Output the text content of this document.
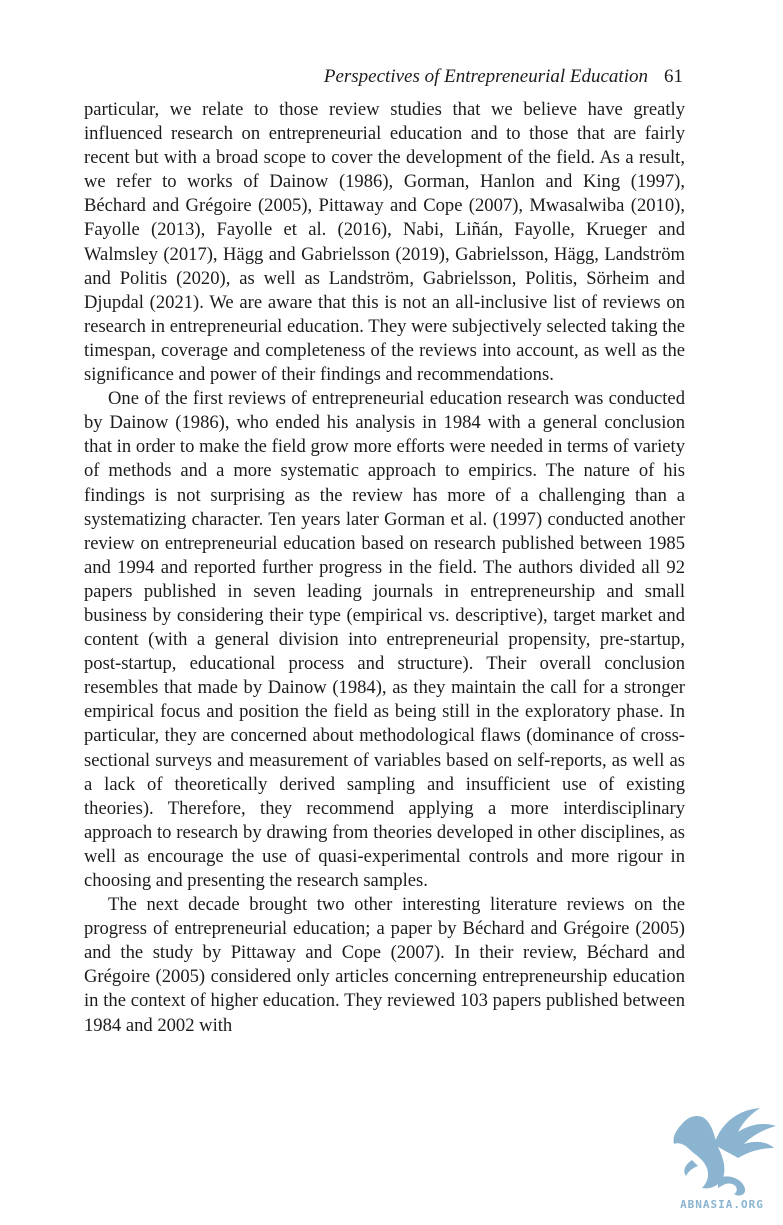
Perspectives of Entrepreneurial Education 61

particular, we relate to those review studies that we believe have greatly influenced research on entrepreneurial education and to those that are fairly recent but with a broad scope to cover the development of the field. As a result, we refer to works of Dainow (1986), Gorman, Hanlon and King (1997), Béchard and Grégoire (2005), Pittaway and Cope (2007), Mwasalwiba (2010), Fayolle (2013), Fayolle et al. (2016), Nabi, Liñán, Fayolle, Krueger and Walmsley (2017), Hägg and Gabrielsson (2019), Gabrielsson, Hägg, Landström and Politis (2020), as well as Landström, Gabrielsson, Politis, Sörheim and Djupdal (2021). We are aware that this is not an all-inclusive list of reviews on research in entrepreneurial education. They were subjectively selected taking the timespan, coverage and completeness of the reviews into account, as well as the significance and power of their findings and recommendations.

One of the first reviews of entrepreneurial education research was conducted by Dainow (1986), who ended his analysis in 1984 with a general conclusion that in order to make the field grow more efforts were needed in terms of variety of methods and a more systematic approach to empirics. The nature of his findings is not surprising as the review has more of a challenging than a systematizing character. Ten years later Gorman et al. (1997) conducted another review on entrepreneurial education based on research published between 1985 and 1994 and reported further progress in the field. The authors divided all 92 papers published in seven leading journals in entrepreneurship and small business by considering their type (empirical vs. descriptive), target market and content (with a general division into entrepreneurial propensity, pre-startup, post-startup, educational process and structure). Their overall conclusion resembles that made by Dainow (1984), as they maintain the call for a stronger empirical focus and position the field as being still in the exploratory phase. In particular, they are concerned about methodological flaws (dominance of cross-sectional surveys and measurement of variables based on self-reports, as well as a lack of theoretically derived sampling and insufficient use of existing theories). Therefore, they recommend applying a more interdisciplinary approach to research by drawing from theories developed in other disciplines, as well as encourage the use of quasi-experimental controls and more rigour in choosing and presenting the research samples.

The next decade brought two other interesting literature reviews on the progress of entrepreneurial education; a paper by Béchard and Grégoire (2005) and the study by Pittaway and Cope (2007). In their review, Béchard and Grégoire (2005) considered only articles concerning entrepreneurship education in the context of higher education. They reviewed 103 papers published between 1984 and 2002 with

ABNASIA.ORG
